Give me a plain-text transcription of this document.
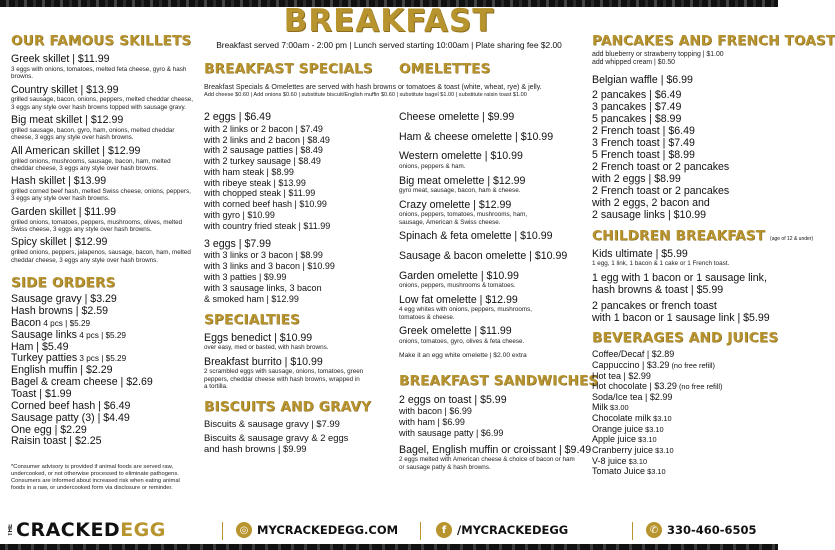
BREAKFAST
Breakfast served 7:00am - 2:00 pm | Lunch served starting 10:00am | Plate sharing fee $2.00
OUR FAMOUS SKILLETS
Greek skillet | $11.99
3 eggs with onions, tomatoes, melted feta cheese, gyro & hash browns.
Country skillet | $13.99
grilled sausage, bacon, onions, peppers, melted cheddar cheese, 3 eggs any style over hash browns topped with sausage gravy.
Big meat skillet | $12.99
grilled sausage, bacon, gyro, ham, onions, melted cheddar cheese, 3 eggs any style over hash browns.
All American skillet | $12.99
grilled onions, mushrooms, sausage, bacon, ham, melted cheddar cheese, 3 eggs any style over hash browns.
Hash skillet | $13.99
grilled corned beef hash, melted Swiss cheese, onions, peppers, 3 eggs any style over hash browns.
Garden skillet | $11.99
grilled onions, tomatoes, peppers, mushrooms, olives, melted Swiss cheese, 3 eggs any style over hash browns.
Spicy skillet | $12.99
grilled onions, peppers, jalapenos, sausage, bacon, ham, melted cheddar cheese, 3 eggs any style over hash browns.
SIDE ORDERS
Sausage gravy | $3.29
Hash browns | $2.59
Bacon 4 pcs | $5.29
Sausage links 4 pcs | $5.29
Ham | $5.49
Turkey patties 3 pcs | $5.29
English muffin | $2.29
Bagel & cream cheese | $2.69
Toast | $1.99
Corned beef hash | $6.49
Sausage patty (3) | $4.49
One egg | $2.29
Raisin toast | $2.25
*Consumer advisory is provided if animal foods are served raw, undercooked, or not otherwise processed to eliminate pathogens. Consumers are informed about increased risk when eating animal foods in a raw, or undercooked form via disclosure or reminder.
BREAKFAST SPECIALS
Breakfast Specials & Omelettes are served with hash browns or tomatoes & toast (white, wheat, rye) & jelly.
Add cheese $0.60 | Add onions $0.60 | substitute biscuit/English muffin $0.60 | substitute bagel $1.00 | substitute raisin toast $1.00
2 eggs | $6.49
with 2 links or 2 bacon | $7.49
with 2 links and 2 bacon | $8.49
with 2 sausage patties | $8.49
with 2 turkey sausage | $8.49
with ham steak | $8.99
with ribeye steak | $13.99
with chopped steak | $11.99
with corned beef hash | $10.99
with gyro | $10.99
with country fried steak | $11.99
3 eggs | $7.99
with 3 links or 3 bacon | $8.99
with 3 links and 3 bacon | $10.99
with 3 patties | $9.99
with 3 sausage links, 3 bacon
& smoked ham | $12.99
SPECIALTIES
Eggs benedict | $10.99
over easy, med or basted, with hash browns.
Breakfast burrito | $10.99
2 scrambled eggs with sausage, onions, tomatoes, green peppers, cheddar cheese with hash browns, wrapped in a tortilla.
BISCUITS AND GRAVY
Biscuits & sausage gravy | $7.99
Biscuits & sausage gravy & 2 eggs
and hash browns | $9.99
OMELETTES
Cheese omelette | $9.99
Ham & cheese omelette | $10.99
Western omelette | $10.99
onions, peppers & ham.
Big meat omelette | $12.99
gyro meat, sausage, bacon, ham & cheese.
Crazy omelette | $12.99
onions, peppers, tomatoes, mushrooms, ham, sausage, American & Swiss cheese.
Spinach & feta omelette | $10.99
Sausage & bacon omelette | $10.99
Garden omelette | $10.99
onions, peppers, mushrooms & tomatoes.
Low fat omelette | $12.99
4 egg whites with onions, peppers, mushrooms, tomatoes & cheese.
Greek omelette | $11.99
onions, tomatoes, gyro, olives & feta cheese.
Make it an egg white omelette | $2.00 extra
BREAKFAST SANDWICHES
2 eggs on toast | $5.99
with bacon | $6.99
with ham | $6.99
with sausage patty | $6.99
Bagel, English muffin or croissant | $9.49
2 eggs melted with American cheese & choice of bacon or ham or sausage patty & hash browns.
PANCAKES AND FRENCH TOAST
add blueberry or strawberry topping | $1.00
add whipped cream | $0.50
Belgian waffle | $6.99
2 pancakes | $6.49
3 pancakes | $7.49
5 pancakes | $8.99
2 French toast | $6.49
3 French toast | $7.49
5 French toast | $8.99
2 French toast or 2 pancakes
with 2 eggs | $8.99
2 French toast or 2 pancakes
with 2 eggs, 2 bacon and
2 sausage links | $10.99
CHILDREN BREAKFAST (age of 12 & under)
Kids ultimate | $5.99
1 egg, 1 link, 1 bacon & 1 cake or 1 French toast.
1 egg with 1 bacon or 1 sausage link,
hash browns & toast | $5.99
2 pancakes or french toast
with 1 bacon or 1 sausage link | $5.99
BEVERAGES AND JUICES
Coffee/Decaf | $2.89
Cappuccino | $3.29 (no free refill)
Hot tea | $2.99
Hot chocolate | $3.29 (no free refill)
Soda/Ice tea | $2.99
Milk $3.00
Chocolate milk $3.10
Orange juice $3.10
Apple juice $3.10
Cranberry juice $3.10
V-8 juice $3.10
Tomato Juice $3.10
THE CRACKEDEGG	◎ MYCRACKEDEGG.COM	f /MYCRACKEDEGG	✆ 330-460-6505
